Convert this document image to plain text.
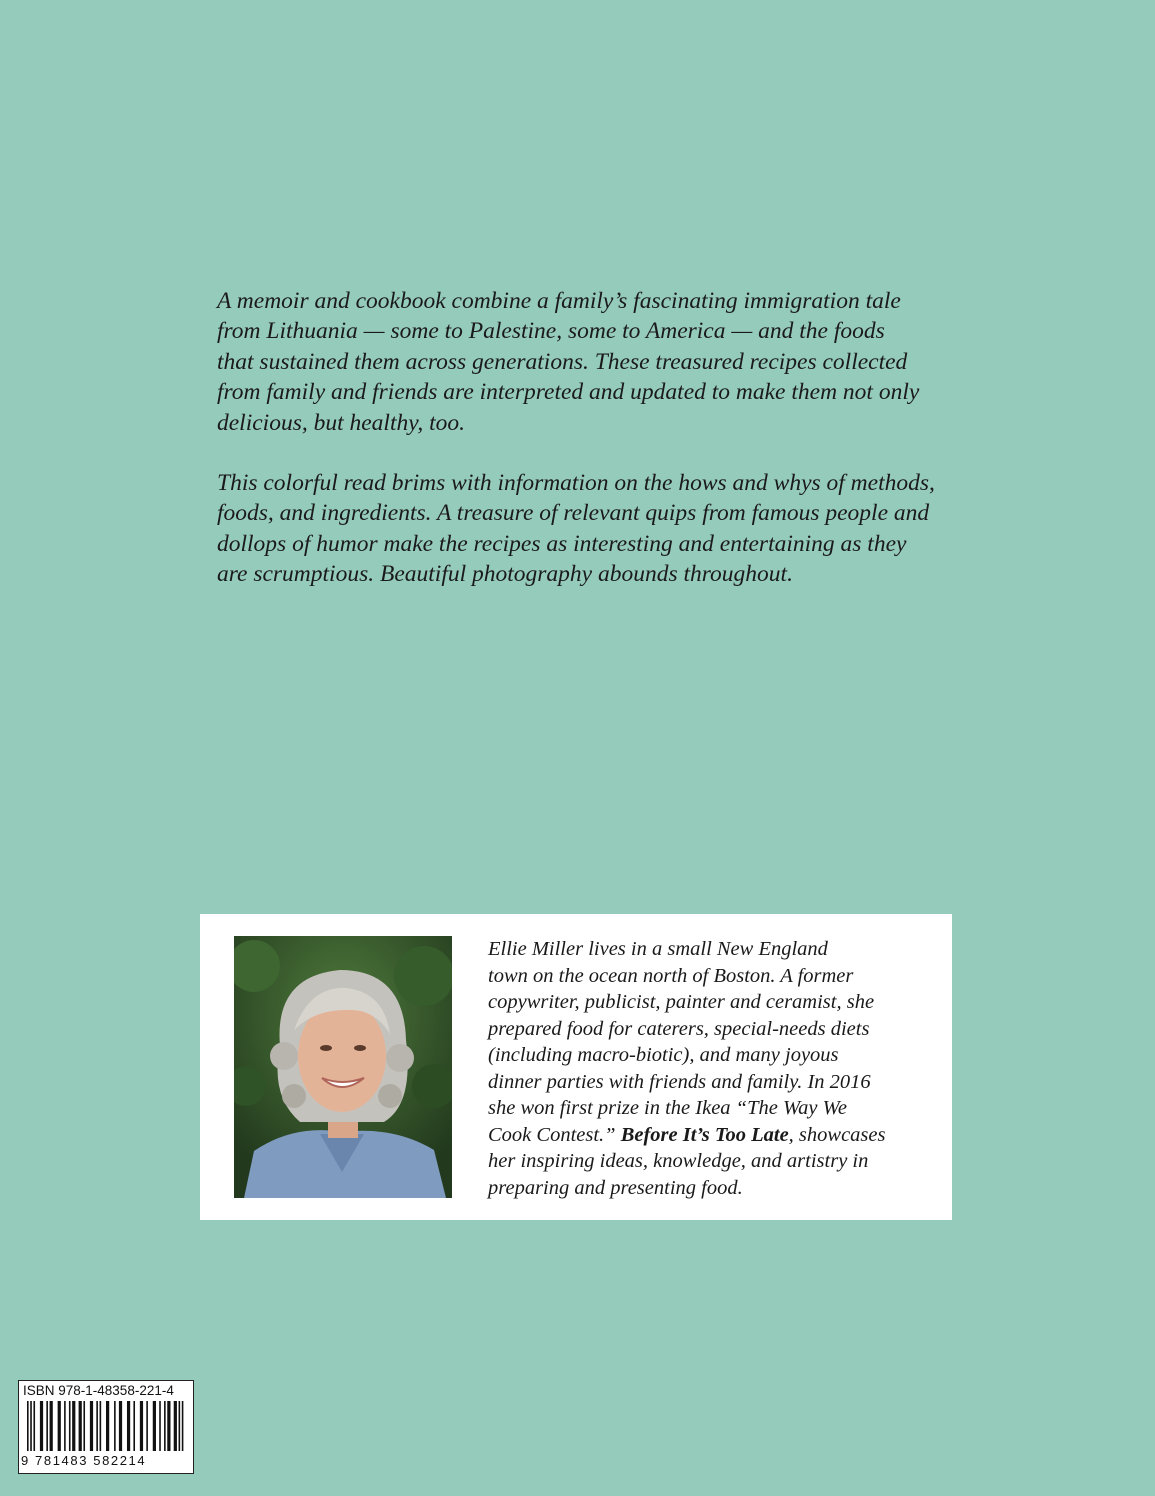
A memoir and cookbook combine a family’s fascinating immigration tale

from Lithuania — some to Palestine, some to America — and the foods

that sustained them across generations. These treasured recipes collected

from family and friends are interpreted and updated to make them not only

delicious, but healthy, too.

This colorful read brims with information on the hows and whys of methods,

foods, and ingredients. A treasure of relevant quips from famous people and

dollops of humor make the recipes as interesting and entertaining as they

are scrumptious. Beautiful photography abounds throughout.

Ellie Miller lives in a small New England
town on the ocean north of Boston. A former
copywriter, publicist, painter and ceramist, she
prepared food for caterers, special-needs diets
(including macro-biotic), and many joyous
dinner parties with friends and family. In 2016
she won first prize in the Ikea “The Way We
Cook Contest.” Before It’s Too Late, showcases
her inspiring ideas, knowledge, and artistry in
preparing and presenting food.
ISBN 978-1-48358-221-4
9 781483 582214
